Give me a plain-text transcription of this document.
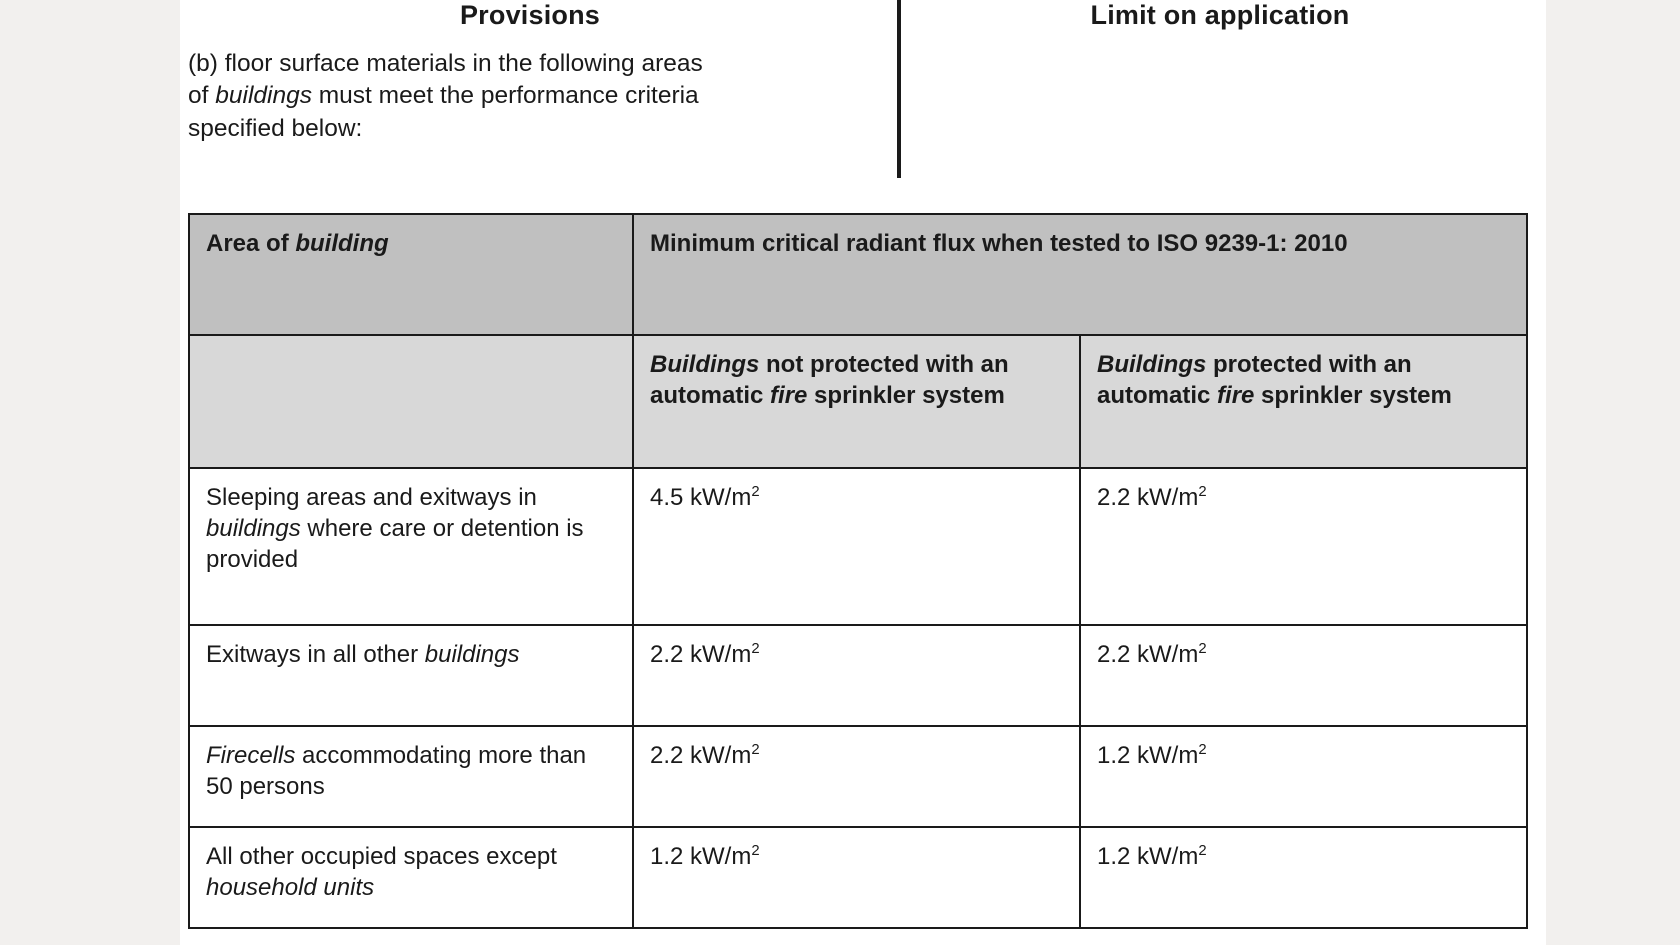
Provisions	Limit on application
(b) floor surface materials in the following areas of buildings must meet the performance criteria specified below:
Area of building	Minimum critical radiant flux when tested to ISO 9239-1: 2010	
	Buildings not protected with an automatic fire sprinkler system	Buildings protected with an automatic fire sprinkler system
Sleeping areas and exitways in buildings where care or detention is provided	4.5 $kW/m^2$	2.2 $kW/m^2$
Exitways in all other buildings	2.2 $kW/m^2$	2.2 $kW/m^2$
Firecells accommodating more than 50 persons	2.2 $kW/m^2$	1.2 $kW/m^2$
All other occupied spaces except household units	1.2 $kW/m^2$	1.2 $kW/m^2$
